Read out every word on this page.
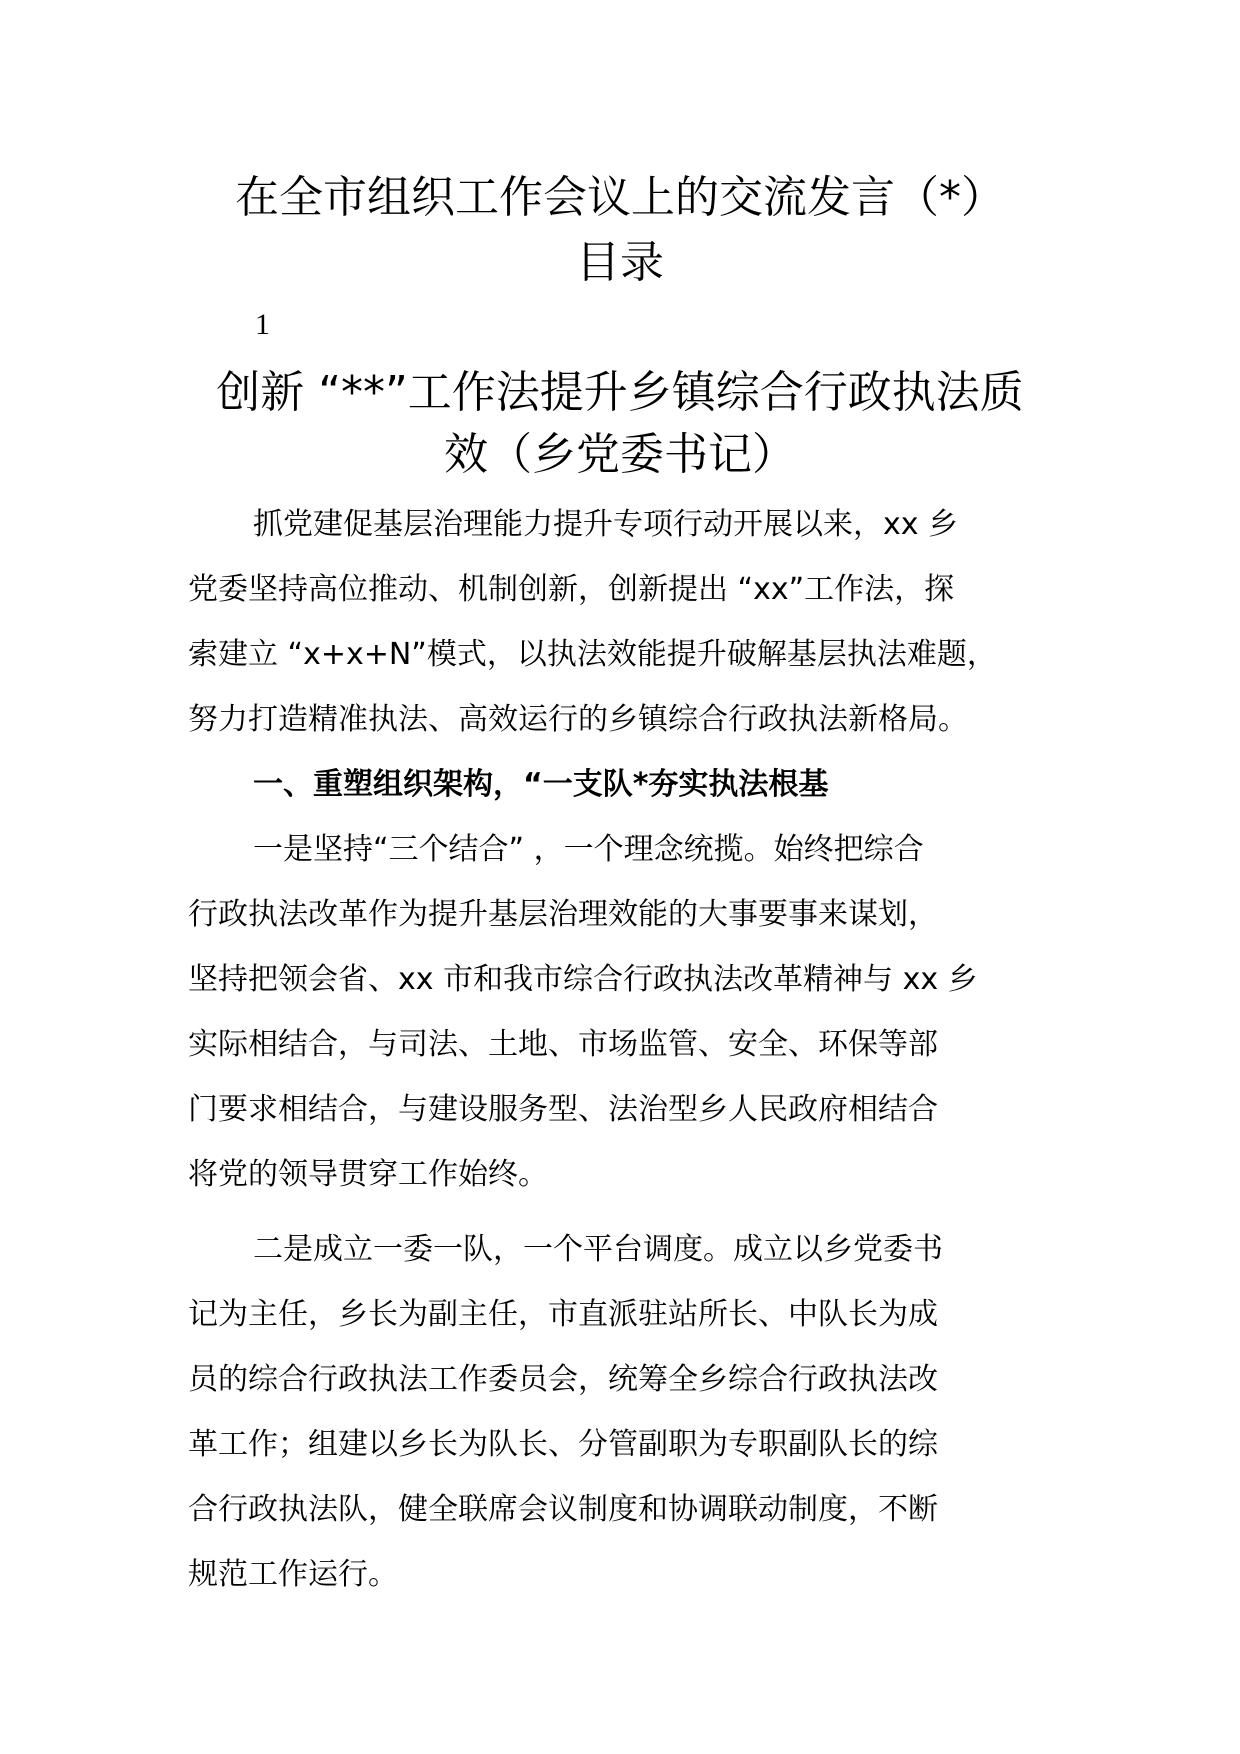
在全市组织工作会议上的交流发言（*）
目录
1
创新 “**”工作法提升乡镇综合行政执法质
效（乡党委书记）
抓党建促基层治理能力提升专项行动开展以来，xx 乡
党委坚持高位推动、机制创新，创新提出 “xx”工作法，探
索建立 “x+x+N”模式，以执法效能提升破解基层执法难题，
努力打造精准执法、高效运行的乡镇综合行政执法新格局。
一、重塑组织架构，“一支队*夯实执法根基
一是坚持“三个结合” ，一个理念统揽。始终把综合
行政执法改革作为提升基层治理效能的大事要事来谋划，
坚持把领会省、xx 市和我市综合行政执法改革精神与 xx 乡
实际相结合，与司法、土地、市场监管、安全、环保等部
门要求相结合，与建设服务型、法治型乡人民政府相结合
将党的领导贯穿工作始终。
二是成立一委一队，一个平台调度。成立以乡党委书
记为主任，乡长为副主任，市直派驻站所长、中队长为成
员的综合行政执法工作委员会，统筹全乡综合行政执法改
革工作；组建以乡长为队长、分管副职为专职副队长的综
合行政执法队，健全联席会议制度和协调联动制度，不断
规范工作运行。
